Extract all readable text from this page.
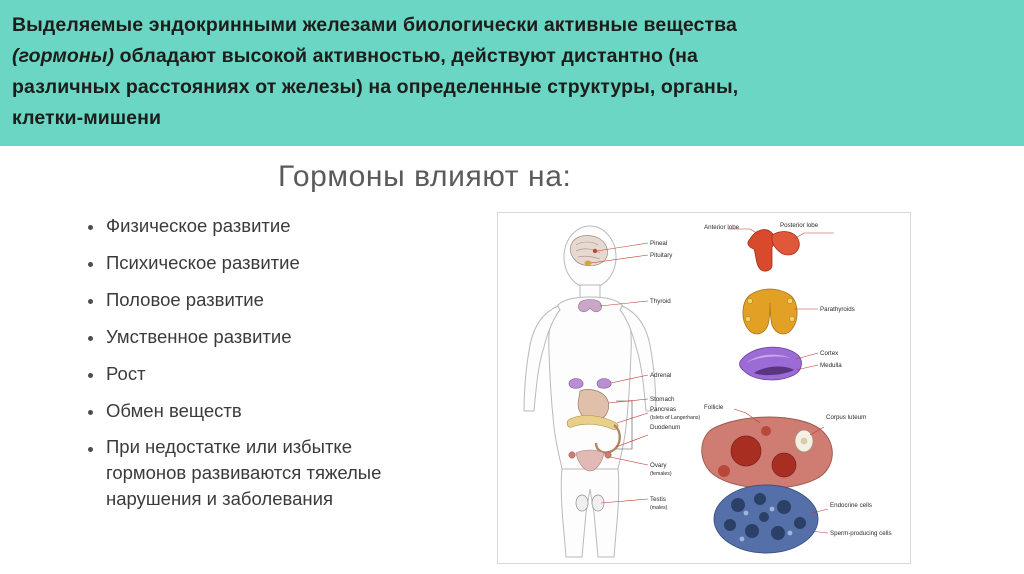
Выделяемые эндокринными железами биологически активные вещества
(гормоны) обладают высокой активностью, действуют дистантно (на
различных расстояниях от железы) на определенные структуры, органы,
клетки-мишени
Гормоны влияют на:
Физическое развитие
Психическое развитие
Половое развитие
Умственное развитие
Рост
Обмен веществ
При недостатке или избытке гормонов развиваются тяжелые нарушения и заболевания
Pineal
Pituitary
Thyroid
Adrenal
Stomach
Pancreas
(Islets of Langerhans)
Duodenum
Ovary
(females)
Testis
(males)
Anterior lobe	Posterior lobe
Parathyroids
Cortex
Medulla
Follicle
Corpus luteum
Endocrine cells
Sperm-producing cells
